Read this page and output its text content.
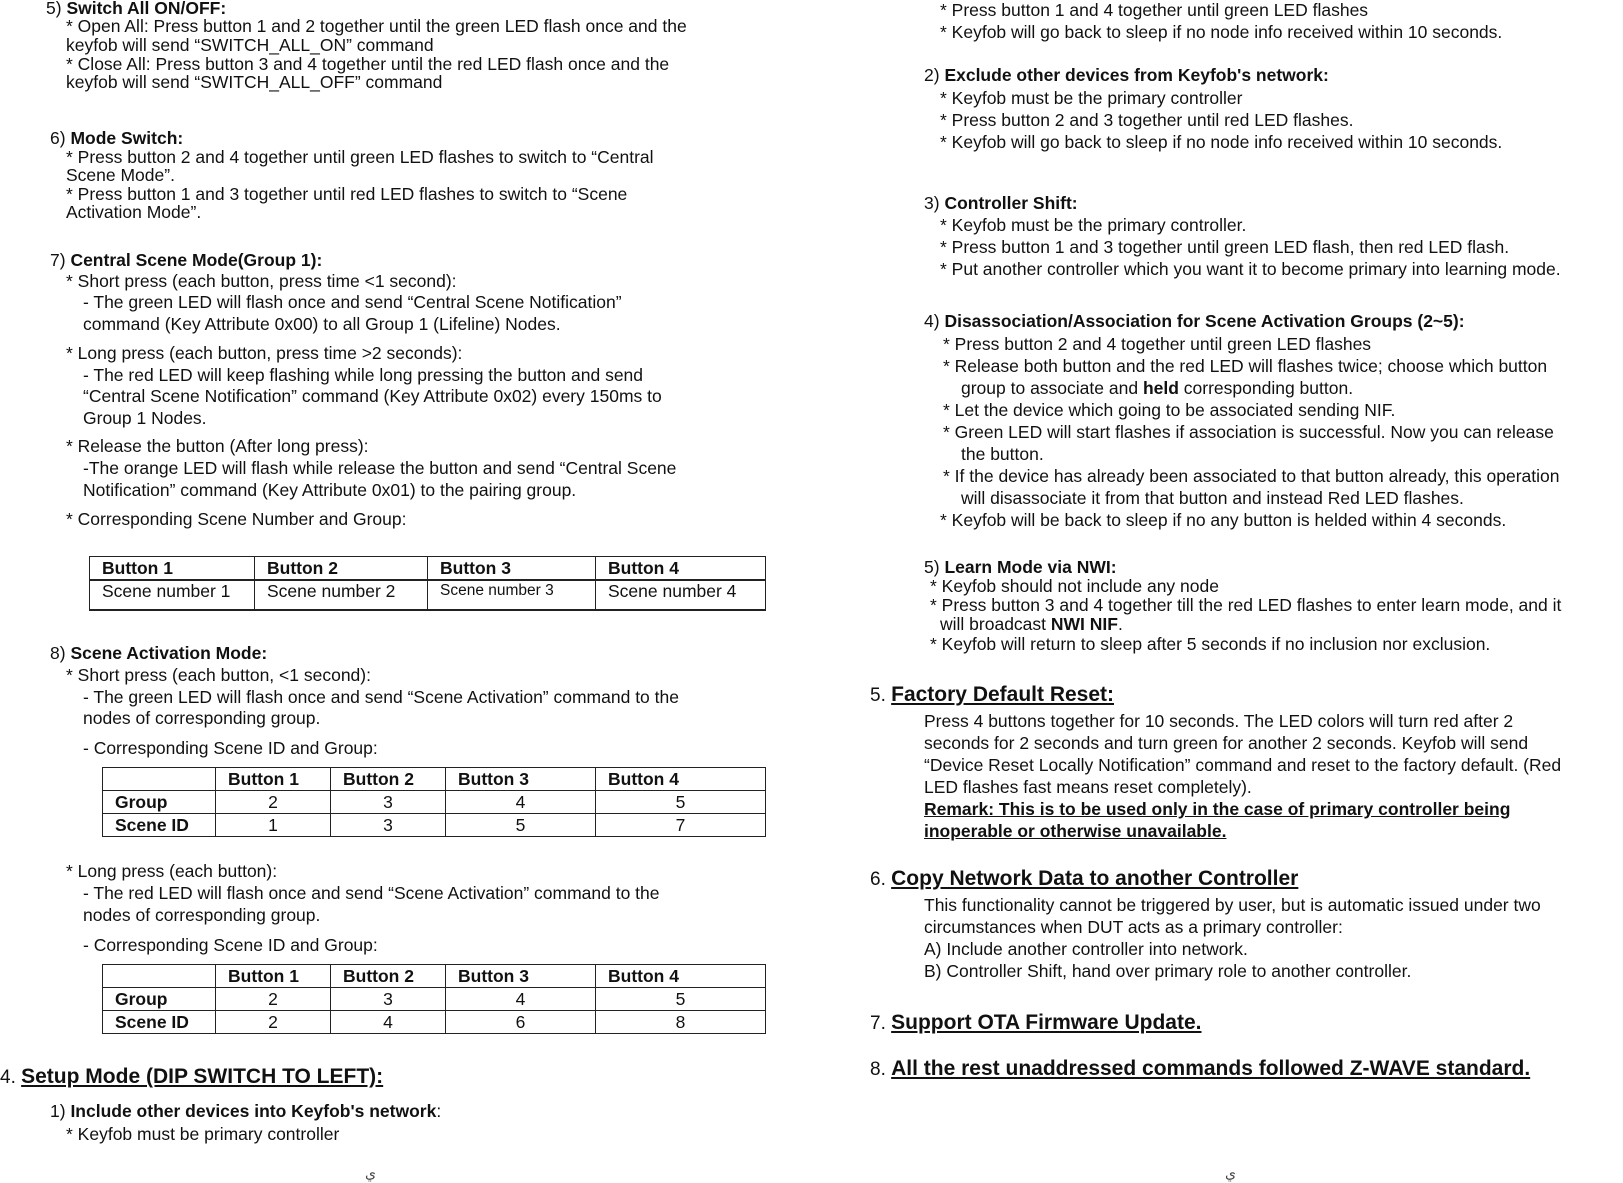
5) Switch All ON/OFF:
* Open All: Press button 1 and 2 together until the green LED flash once and the
keyfob will send “SWITCH_ALL_ON” command
* Close All: Press button 3 and 4 together until the red LED flash once and the
keyfob will send “SWITCH_ALL_OFF” command
6) Mode Switch:
* Press button 2 and 4 together until green LED flashes to switch to “Central
Scene Mode”.
* Press button 1 and 3 together until red LED flashes to switch to “Scene
Activation Mode”.
7) Central Scene Mode(Group 1):
* Short press (each button, press time <1 second):
- The green LED will flash once and send “Central Scene Notification”
command (Key Attribute 0x00) to all Group 1 (Lifeline) Nodes.
* Long press (each button, press time >2 seconds):
- The red LED will keep flashing while long pressing the button and send
“Central Scene Notification” command (Key Attribute 0x02) every 150ms to
Group 1 Nodes.
* Release the button (After long press):
-The orange LED will flash while release the button and send “Central Scene
Notification” command (Key Attribute 0x01) to the pairing group.
* Corresponding Scene Number and Group:
Button 1	Button 2	Button 3	Button 4
Scene number 1	Scene number 2	Scene number 3	Scene number 4
8) Scene Activation Mode:
* Short press (each button, <1 second):
- The green LED will flash once and send “Scene Activation” command to the
nodes of corresponding group.
- Corresponding Scene ID and Group:
	Button 1	Button 2	Button 3	Button 4
Group	2	3	4	5
Scene ID	1	3	5	7
* Long press (each button):
- The red LED will flash once and send “Scene Activation” command to the
nodes of corresponding group.
- Corresponding Scene ID and Group:
	Button 1	Button 2	Button 3	Button 4
Group	2	3	4	5
Scene ID	2	4	6	8
4. Setup Mode (DIP SWITCH TO LEFT):
1) Include other devices into Keyfob's network:
* Keyfob must be primary controller
ي
* Press button 1 and 4 together until green LED flashes
* Keyfob will go back to sleep if no node info received within 10 seconds.
2) Exclude other devices from Keyfob's network:
* Keyfob must be the primary controller
* Press button 2 and 3 together until red LED flashes.
* Keyfob will go back to sleep if no node info received within 10 seconds.
3) Controller Shift:
* Keyfob must be the primary controller.
* Press button 1 and 3 together until green LED flash, then red LED flash.
* Put another controller which you want it to become primary into learning mode.
4) Disassociation/Association for Scene Activation Groups (2~5):
* Press button 2 and 4 together until green LED flashes
* Release both button and the red LED will flashes twice; choose which button
group to associate and held corresponding button.
* Let the device which going to be associated sending NIF.
* Green LED will start flashes if association is successful. Now you can release
the button.
* If the device has already been associated to that button already, this operation
will disassociate it from that button and instead Red LED flashes.
* Keyfob will be back to sleep if no any button is helded within 4 seconds.
5) Learn Mode via NWI:
* Keyfob should not include any node
* Press button 3 and 4 together till the red LED flashes to enter learn mode, and it
will broadcast NWI NIF.
* Keyfob will return to sleep after 5 seconds if no inclusion nor exclusion.
5. Factory Default Reset:
Press 4 buttons together for 10 seconds. The LED colors will turn red after 2
seconds for 2 seconds and turn green for another 2 seconds. Keyfob will send
“Device Reset Locally Notification” command and reset to the factory default. (Red
LED flashes fast means reset completely).
Remark: This is to be used only in the case of primary controller being
inoperable or otherwise unavailable.
6. Copy Network Data to another Controller
This functionality cannot be triggered by user, but is automatic issued under two
circumstances when DUT acts as a primary controller:
A) Include another controller into network.
B) Controller Shift, hand over primary role to another controller.
7. Support OTA Firmware Update.
8. All the rest unaddressed commands followed Z-WAVE standard.
ي
